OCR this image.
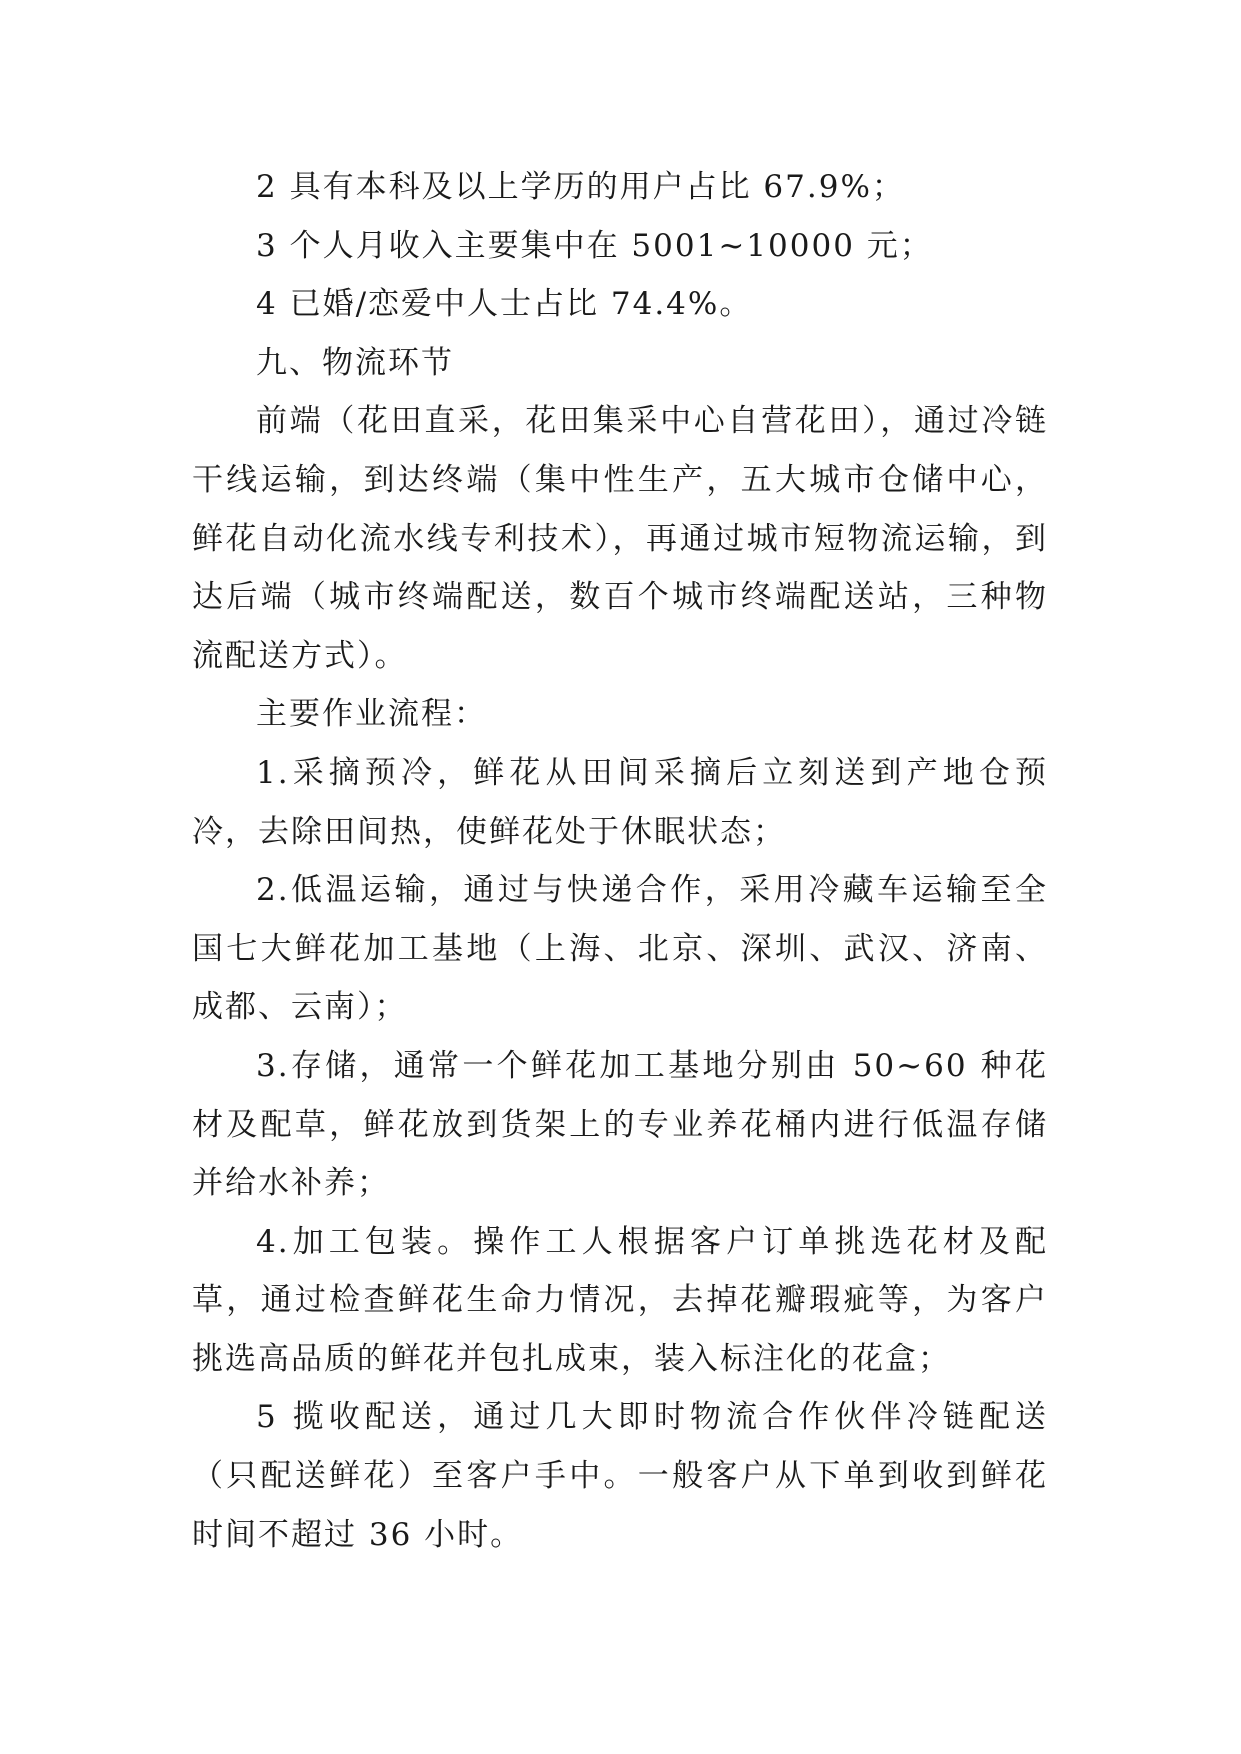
2 具有本科及以上学历的用户占比 67.9%；

3 个人月收入主要集中在 5001~10000 元；

4 已婚/恋爱中人士占比 74.4%。

九、物流环节

前端（花田直采，花田集采中心自营花田），通过冷链干线运输，到达终端（集中性生产，五大城市仓储中心，鲜花自动化流水线专利技术），再通过城市短物流运输，到达后端（城市终端配送，数百个城市终端配送站，三种物流配送方式）。

主要作业流程：

1.采摘预冷，鲜花从田间采摘后立刻送到产地仓预冷，去除田间热，使鲜花处于休眠状态；

2.低温运输，通过与快递合作，采用冷藏车运输至全国七大鲜花加工基地（上海、北京、深圳、武汉、济南、成都、云南）；

3.存储，通常一个鲜花加工基地分别由 50~60 种花材及配草，鲜花放到货架上的专业养花桶内进行低温存储并给水补养；

4.加工包装。操作工人根据客户订单挑选花材及配草，通过检查鲜花生命力情况，去掉花瓣瑕疵等，为客户挑选高品质的鲜花并包扎成束，装入标注化的花盒；

5 揽收配送，通过几大即时物流合作伙伴冷链配送（只配送鲜花）至客户手中。一般客户从下单到收到鲜花时间不超过 36 小时。
